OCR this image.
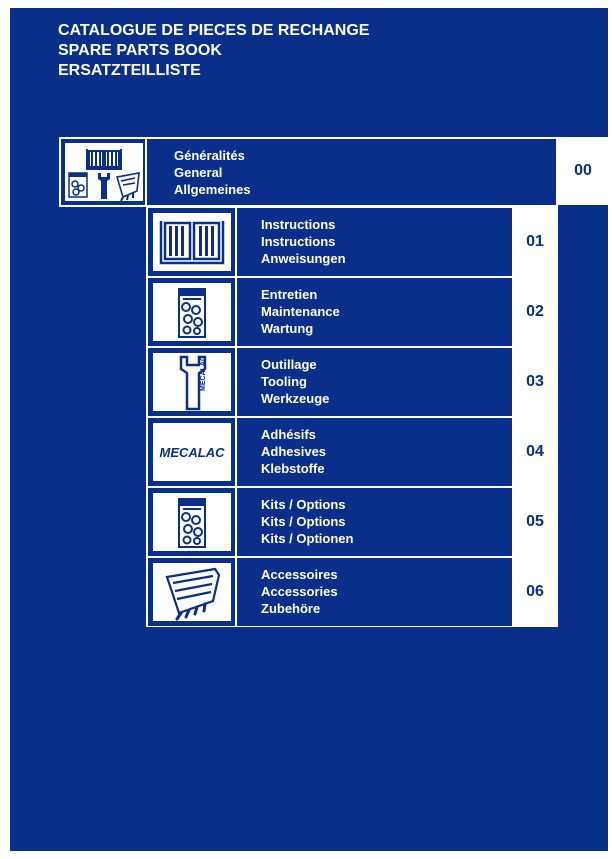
CATALOGUE DE PIECES DE RECHANGE
SPARE PARTS BOOK
ERSATZTEILLISTE
Généralités
General
Allgemeines
00
Instructions
Instructions
Anweisungen
01
Entretien
Maintenance
Wartung
02
MECALAC	Outillage
Tooling
Werkzeuge
03
MECALAC
Adhésifs
Adhesives
Klebstoffe
04
Kits / Options
Kits / Options
Kits / Optionen
05
Accessoires
Accessories
Zubehöre
06
